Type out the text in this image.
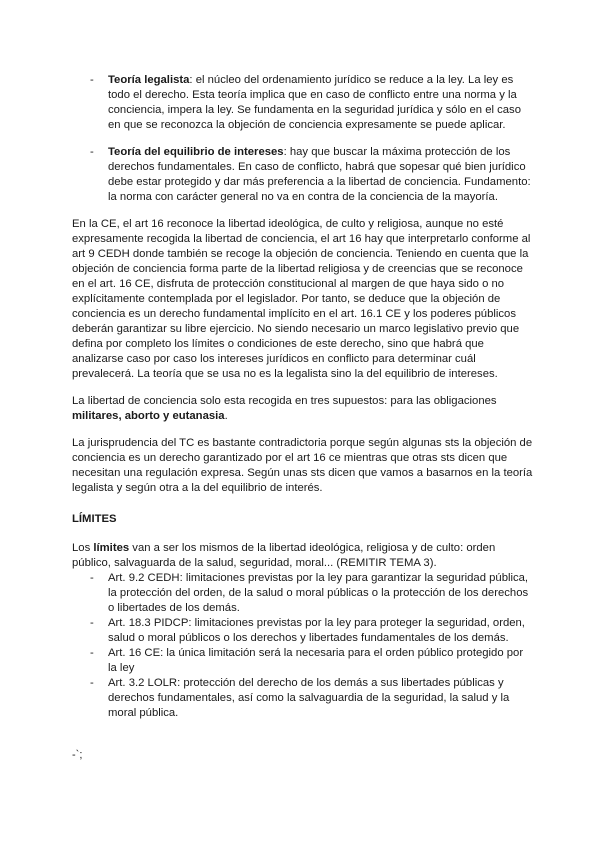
- Teoría legalista: el núcleo del ordenamiento jurídico se reduce a la ley. La ley es todo el derecho. Esta teoría implica que en caso de conflicto entre una norma y la conciencia, impera la ley. Se fundamenta en la seguridad jurídica y sólo en el caso en que se reconozca la objeción de conciencia expresamente se puede aplicar.
- Teoría del equilibrio de intereses: hay que buscar la máxima protección de los derechos fundamentales. En caso de conflicto, habrá que sopesar qué bien jurídico debe estar protegido y dar más preferencia a la libertad de conciencia. Fundamento: la norma con carácter general no va en contra de la conciencia de la mayoría.

En la CE, el art 16 reconoce la libertad ideológica, de culto y religiosa, aunque no esté expresamente recogida la libertad de conciencia, el art 16 hay que interpretarlo conforme al art 9 CEDH donde también se recoge la objeción de conciencia. Teniendo en cuenta que la objeción de conciencia forma parte de la libertad religiosa y de creencias que se reconoce en el art. 16 CE, disfruta de protección constitucional al margen de que haya sido o no explícitamente contemplada por el legislador. Por tanto, se deduce que la objeción de conciencia es un derecho fundamental implícito en el art. 16.1 CE y los poderes públicos deberán garantizar su libre ejercicio. No siendo necesario un marco legislativo previo que defina por completo los límites o condiciones de este derecho, sino que habrá que analizarse caso por caso los intereses jurídicos en conflicto para determinar cuál prevalecerá. La teoría que se usa no es la legalista sino la del equilibrio de intereses.

La libertad de conciencia solo esta recogida en tres supuestos: para las obligaciones militares, aborto y eutanasia.

La jurisprudencia del TC es bastante contradictoria porque según algunas sts la objeción de conciencia es un derecho garantizado por el art 16 ce mientras que otras sts dicen que necesitan una regulación expresa. Según unas sts dicen que vamos a basarnos en la teoría legalista y según otra a la del equilibrio de interés.

LÍMITES

Los límites van a ser los mismos de la libertad ideológica, religiosa y de culto: orden público, salvaguarda de la salud, seguridad, moral... (REMITIR TEMA 3).

- Art. 9.2 CEDH: limitaciones previstas por la ley para garantizar la seguridad pública, la protección del orden, de la salud o moral públicas o la protección de los derechos o libertades de los demás.
- Art. 18.3 PIDCP: limitaciones previstas por la ley para proteger la seguridad, orden, salud o moral públicos o los derechos y libertades fundamentales de los demás.
- Art. 16 CE: la única limitación será la necesaria para el orden público protegido por la ley
- Art. 3.2 LOLR: protección del derecho de los demás a sus libertades públicas y derechos fundamentales, así como la salvaguardia de la seguridad, la salud y la moral pública.
-`;
